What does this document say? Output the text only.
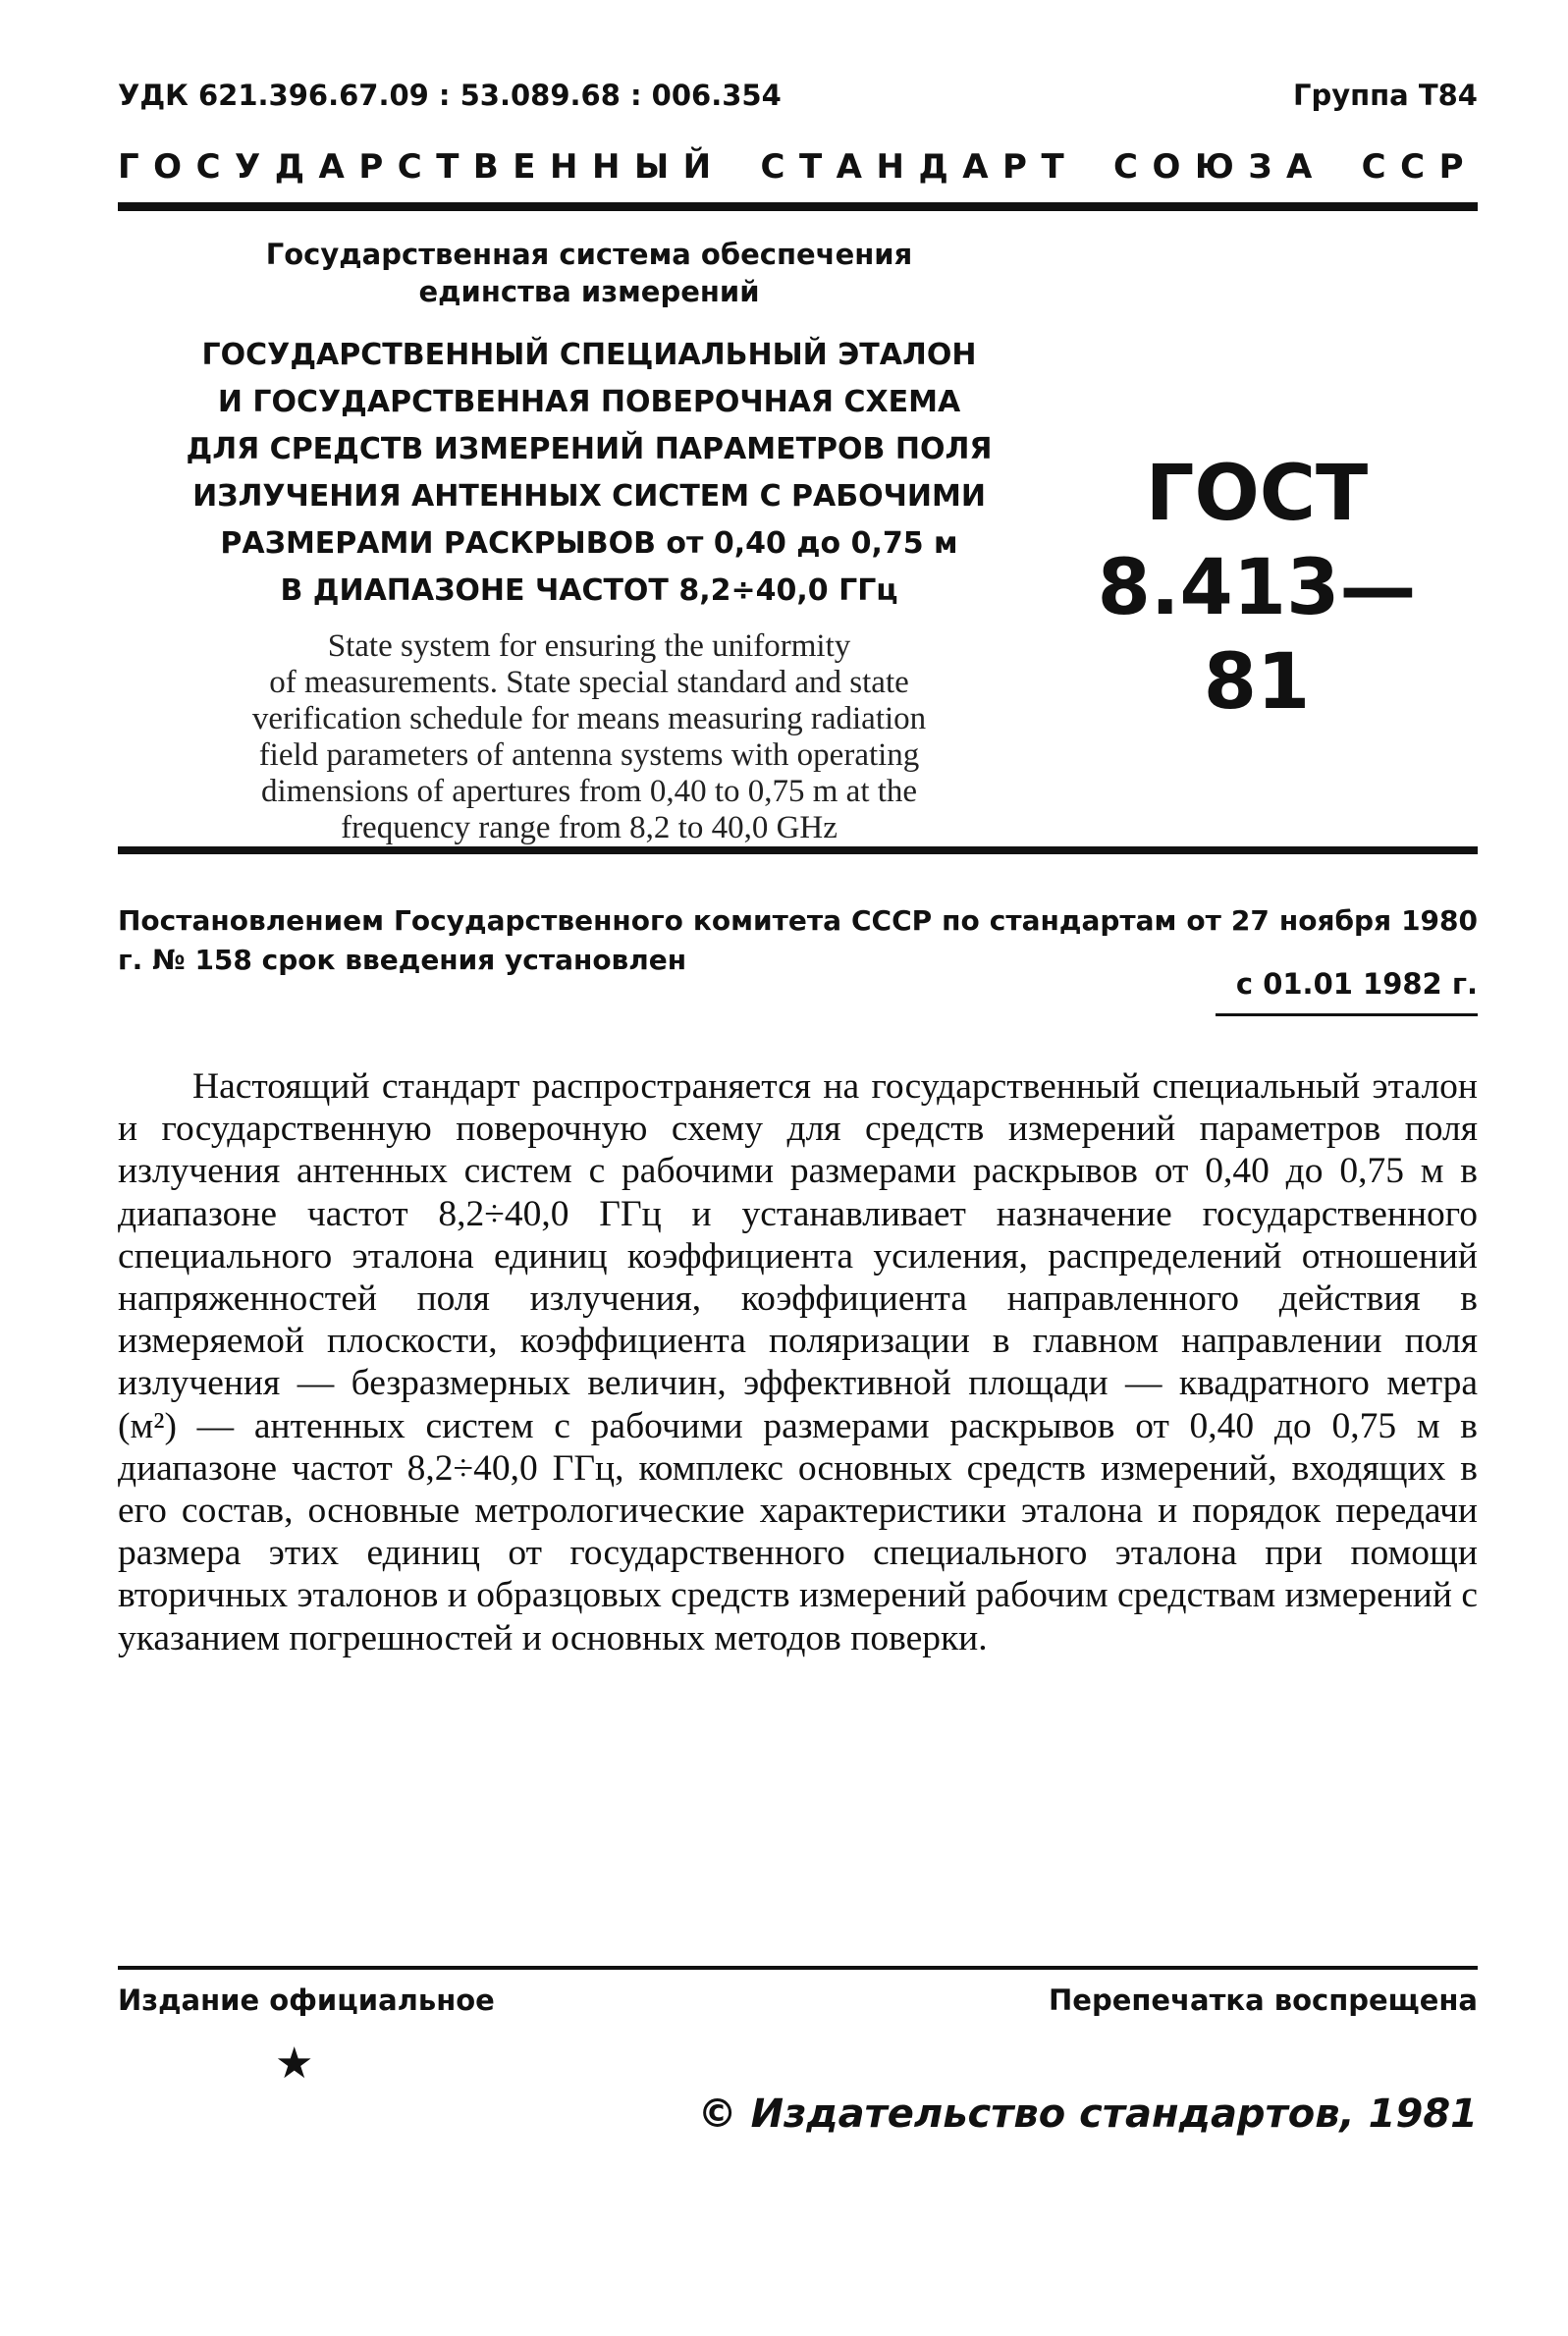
УДК 621.396.67.09 : 53.089.68 : 006.354	Группа Т84
ГОСУДАРСТВЕННЫЙ СТАНДАРТ СОЮЗА ССР
Государственная система обеспечения
единства измерений
ГОСУДАРСТВЕННЫЙ СПЕЦИАЛЬНЫЙ ЭТАЛОН
И ГОСУДАРСТВЕННАЯ ПОВЕРОЧНАЯ СХЕМА
ДЛЯ СРЕДСТВ ИЗМЕРЕНИЙ ПАРАМЕТРОВ ПОЛЯ
ИЗЛУЧЕНИЯ АНТЕННЫХ СИСТЕМ С РАБОЧИМИ
РАЗМЕРАМИ РАСКРЫВОВ от 0,40 до 0,75 м
В ДИАПАЗОНЕ ЧАСТОТ 8,2÷40,0 ГГц
State system for ensuring the uniformity
of measurements. State special standard and state
verification schedule for means measuring radiation
field parameters of antenna systems with operating
dimensions of apertures from 0,40 to 0,75 m at the
frequency range from 8,2 to 40,0 GHz
ГОСТ
8.413—81
Постановлением Государственного комитета СССР по стандартам от 27 ноября 1980 г. № 158 срок введения установлен
с 01.01 1982 г.
Настоящий стандарт распространяется на государственный специальный эталон и государственную поверочную схему для средств измерений параметров поля излучения антенных систем с рабочими размерами раскрывов от 0,40 до 0,75 м в диапазоне частот 8,2÷40,0 ГГц и устанавливает назначение государственного специального эталона единиц коэффициента усиления, распределений отношений напряженностей поля излучения, коэффициента направленного действия в измеряемой плоскости, коэффициента поляризации в главном направлении поля излучения — безразмерных величин, эффективной площади — квадратного метра (м²) — антенных систем с рабочими размерами раскрывов от 0,40 до 0,75 м в диапазоне частот 8,2÷40,0 ГГц, комплекс основных средств измерений, входящих в его состав, основные метрологические характеристики эталона и порядок передачи размера этих единиц от государственного специального эталона при помощи вторичных эталонов и образцовых средств измерений рабочим средствам измерений с указанием погрешностей и основных методов поверки.
Издание официальное	Перепечатка воспрещена
★
© Издательство стандартов, 1981
